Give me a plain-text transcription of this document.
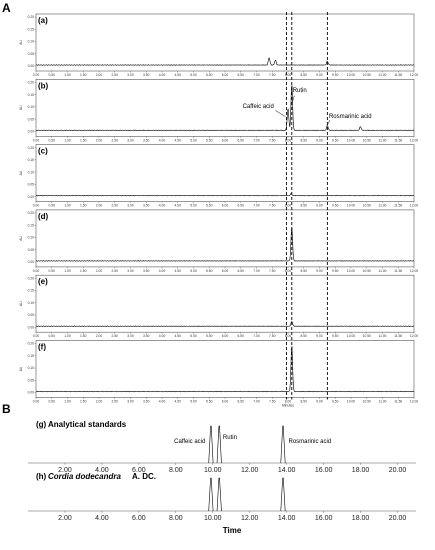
A
B
(a)
0.00
0.05
0.10
0.15
0.20
AU
0.00	0.50	1.00	1.50	2.00	2.50	3.00	3.50	4.00	4.50	5.00	5.50	6.00	6.50	7.00	7.50	8.00	8.50	9.00	9.50	10.00 10.50 11.00 11.50 12.00
(b)
0.00
0.05
0.10
0.15
0.20
AU
0.00	0.50	1.00	1.50	2.00	2.50	3.00	3.50	4.00	4.50	5.00	5.50	6.00	6.50	7.00	7.50	8.00	8.50	9.00	9.50	10.00 10.50 11.00 11.50 12.00
Caffeic acid
Rutin
Rosmarinic acid
(c)
0.00
0.05
0.10
0.15
0.20
AU
0.00	0.50	1.00	1.50	2.00	2.50	3.00	3.50	4.00	4.50	5.00	5.50	6.00	6.50	7.00	7.50	8.00	8.50	9.00	9.50	10.00 10.50 11.00 11.50 12.00
(d)
0.00
0.05
0.10
0.15
0.20
AU
0.00	0.50	1.00	1.50	2.00	2.50	3.00	3.50	4.00	4.50	5.00	5.50	6.00	6.50	7.00	7.50	8.00	8.50	9.00	9.50	10.00 10.50 11.00 11.50 12.00
(e)
0.00
0.05
0.10
0.15
0.20
AU
0.00	0.50	1.00	1.50	2.00	2.50	3.00	3.50	4.00	4.50	5.00	5.50	6.00	6.50	7.00	7.50	8.00	8.50	9.00	9.50	10.00 10.50 11.00 11.50 12.00
(f)
0.00
0.05
0.10
0.15
0.20
AU
0.00	0.50	1.00	1.50	2.00	2.50	3.00	3.50	4.00	4.50	5.00	5.50	6.00	6.50	7.00	7.50	8.00	8.50	9.00	9.50	10.00 10.50 11.00 11.50 12.00
Minutes
(g) Analytical standards
Caffeic acid
Rutin
Rosmarinic acid
2.00	4.00	6.00	8.00	10.00	12.00	14.00	16.00	18.00	20.00
(h) Cordia dodecandra A. DC.
2.00	4.00	6.00	8.00	10.00	12.00	14.00	16.00	18.00	20.00
Time
